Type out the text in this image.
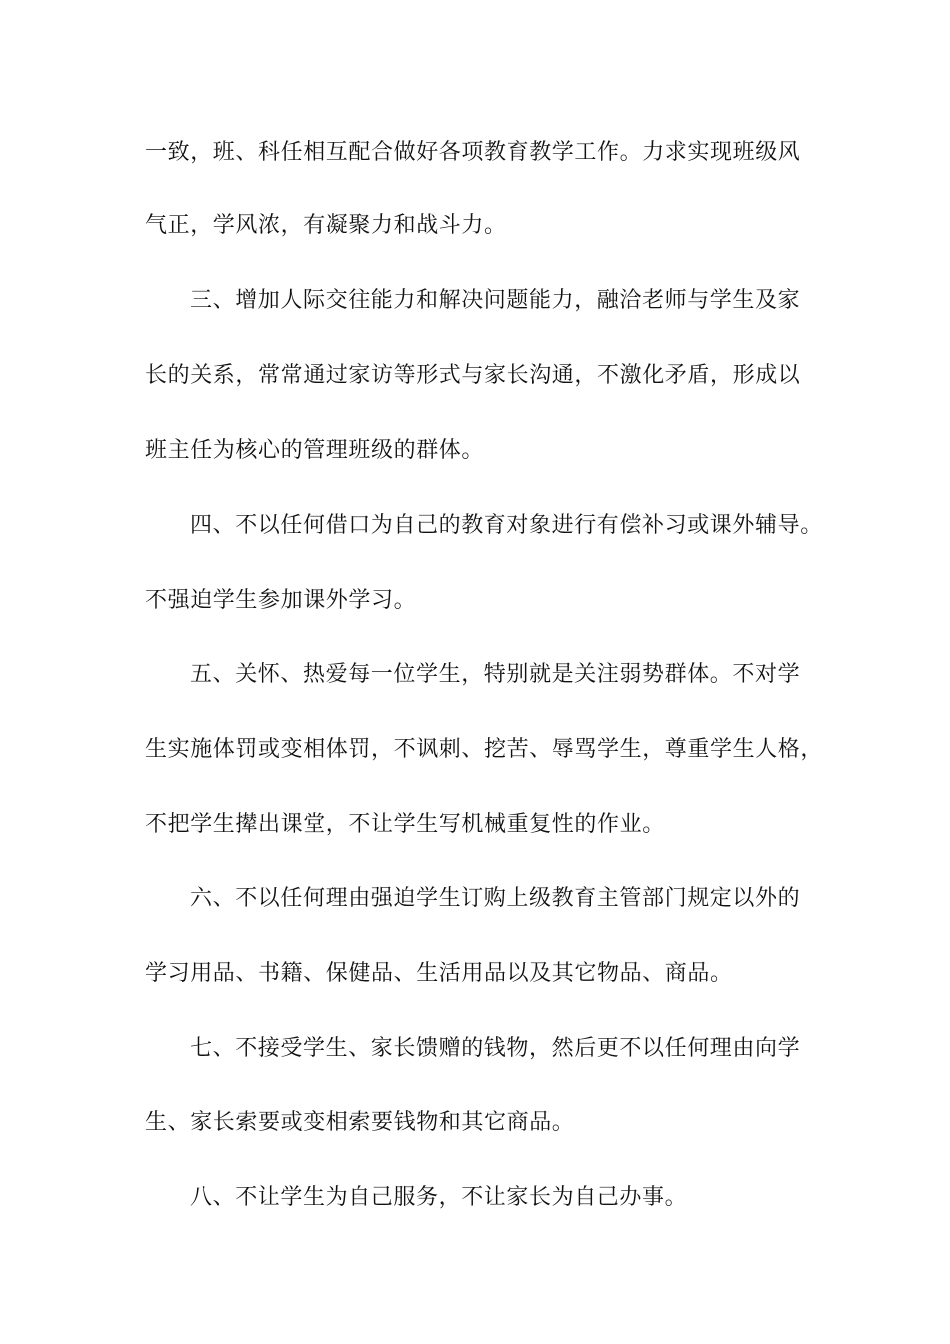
一致，班、科任相互配合做好各项教育教学工作。力求实现班级风
气正，学风浓，有凝聚力和战斗力。
三、增加人际交往能力和解决问题能力，融洽老师与学生及家
长的关系，常常通过家访等形式与家长沟通，不激化矛盾，形成以
班主任为核心的管理班级的群体。
四、不以任何借口为自己的教育对象进行有偿补习或课外辅导。
不强迫学生参加课外学习。
五、关怀、热爱每一位学生，特别就是关注弱势群体。不对学
生实施体罚或变相体罚，不讽刺、挖苦、辱骂学生，尊重学生人格，
不把学生撵出课堂，不让学生写机械重复性的作业。
六、不以任何理由强迫学生订购上级教育主管部门规定以外的
学习用品、书籍、保健品、生活用品以及其它物品、商品。
七、不接受学生、家长馈赠的钱物，然后更不以任何理由向学
生、家长索要或变相索要钱物和其它商品。
八、不让学生为自己服务，不让家长为自己办事。
